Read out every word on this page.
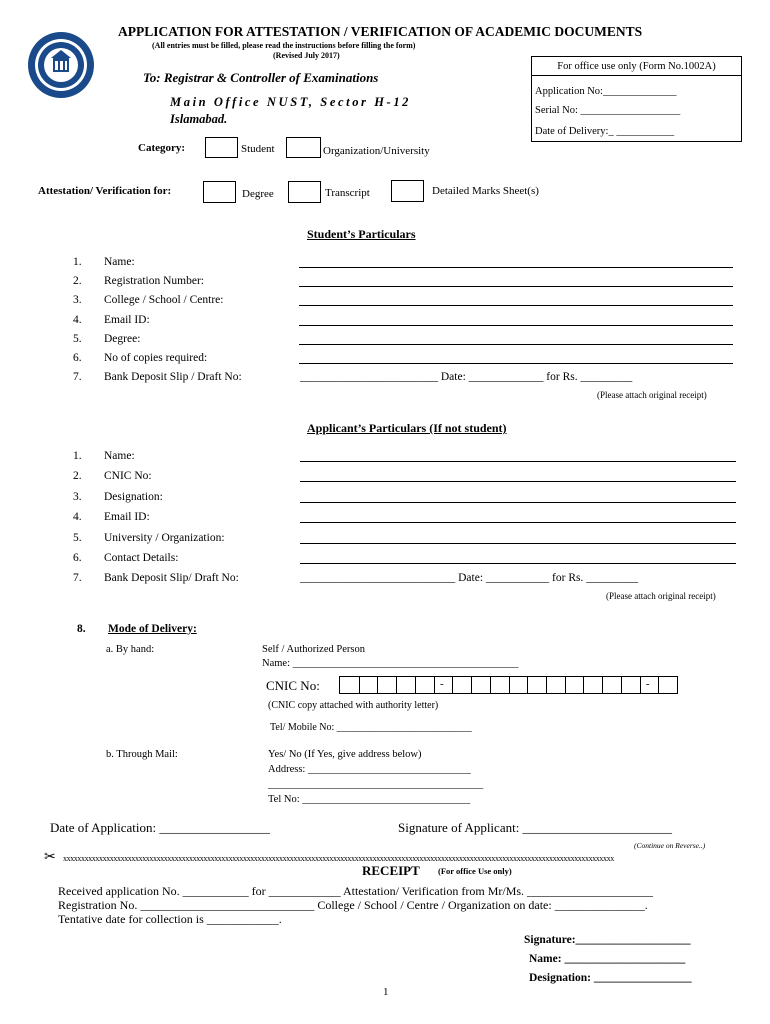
APPLICATION FOR ATTESTATION / VERIFICATION OF ACADEMIC DOCUMENTS
(All entries must be filled, please read the instructions before filling the form)
(Revised July 2017)
For office use only (Form No.1002A)
Application No:______________
Serial No: ___________________
Date of Delivery:_ ___________
To: Registrar & Controller of Examinations
Main Office NUST, Sector H-12
Islamabad.
Category:	Student	Organization/University
Attestation/ Verification for:	Degree	Transcript	Detailed Marks Sheet(s)
Student’s Particulars
1. Name:
2. Registration Number:
3. College / School / Centre:
4. Email ID:
5. Degree:
6. No of copies required:
7. Bank Deposit Slip / Draft No:	________________________ Date: _____________ for Rs. _________
(Please attach original receipt)
Applicant’s Particulars (If not student)
1. Name:
2. CNIC No:
3. Designation:
4. Email ID:
5. University / Organization:
6. Contact Details:
7. Bank Deposit Slip/ Draft No:	___________________________ Date: ___________ for Rs. _________
(Please attach original receipt)
8. Mode of Delivery:
a. By hand:	Self / Authorized Person
Name: ___________________________________________
CNIC No:	-	-
(CNIC copy attached with authority letter)
Tel/ Mobile No: ___________________________
b. Through Mail:	Yes/ No (If Yes, give address below)
Address: _______________________________
_________________________________________
Tel No: ________________________________
Date of Application: _________________	Signature of Applicant: _______________________
(Continue on Reverse..)
✂ xxxxxxxxxxxxxxxxxxxxxxxxxxxxxxxxxxxxxxxxxxxxxxxxxxxxxxxxxxxxxxxxxxxxxxxxxxxxxxxxxxxxxxxxxxxxxxxxxxxxxxxxxxxxxxxxxxxxxxxxxxxxxxxxxxxxxxxxxxxxxxxxxxxxxxxxx
RECEIPT (For office Use only)
Received application No. ___________ for ____________ Attestation/ Verification from Mr/Ms. _____________________
Registration No. _____________________________ College / School / Centre / Organization on date: _______________.
Tentative date for collection is ____________.
Signature:____________________
Name: _____________________
Designation: _________________
1
